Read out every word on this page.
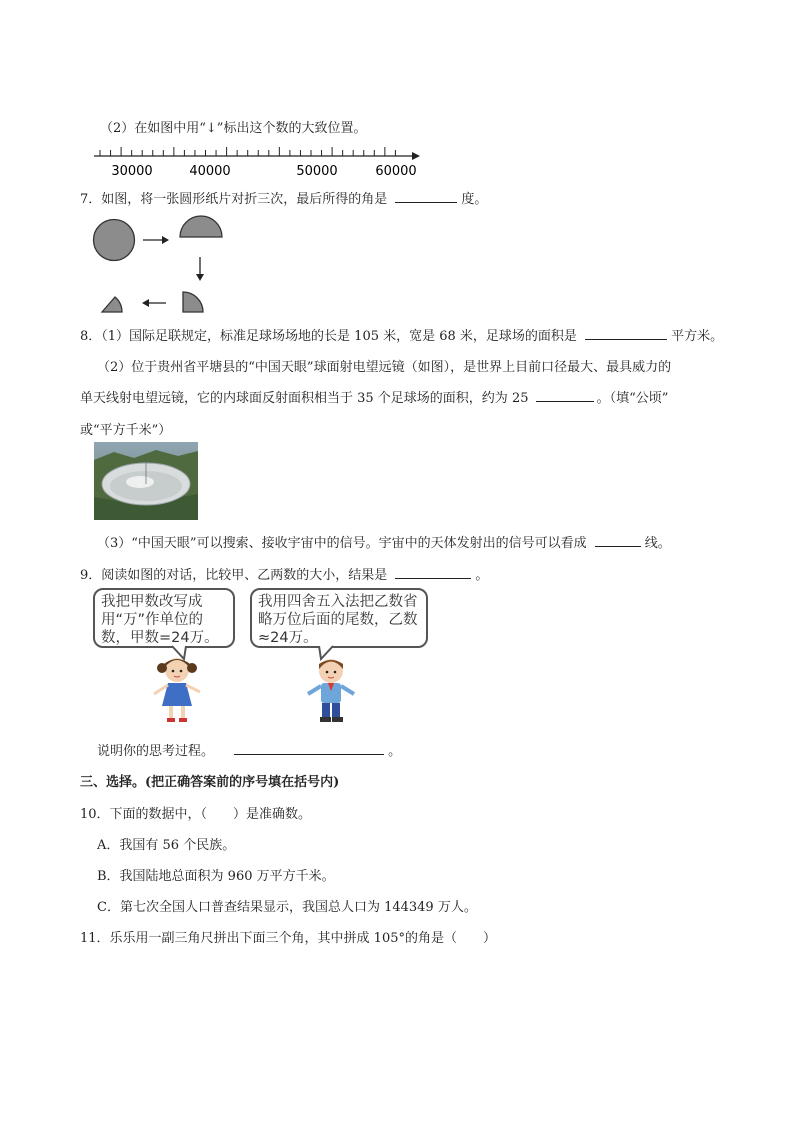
（2）在如图中用“↓”标出这个数的大致位置。
30000	40000	50000	60000
7．如图，将一张圆形纸片对折三次，最后所得的角是	度。
8．（1）国际足联规定，标准足球场场地的长是 105 米，宽是 68 米，足球场的面积是	平方米。
（2）位于贵州省平塘县的“中国天眼”球面射电望远镜（如图），是世界上目前口径最大、最具威力的
单天线射电望远镜，它的内球面反射面积相当于 35 个足球场的面积，约为 25	。（填“公顷”
或“平方千米”）
（3）“中国天眼”可以搜索、接收宇宙中的信号。宇宙中的天体发射出的信号可以看成	线。
9．阅读如图的对话，比较甲、乙两数的大小，结果是	。
我把甲数改写成用“万”作单位的数，甲数=24万。
我用四舍五入法把乙数省略万位后面的尾数，乙数≈24万。
说明你的思考过程。	。
三、选择。(把正确答案前的序号填在括号内)
10．下面的数据中，（　　）是准确数。
A．我国有 56 个民族。
B．我国陆地总面积为 960 万平方千米。
C．第七次全国人口普查结果显示，我国总人口为 144349 万人。
11．乐乐用一副三角尺拼出下面三个角，其中拼成 105°的角是（　　）
